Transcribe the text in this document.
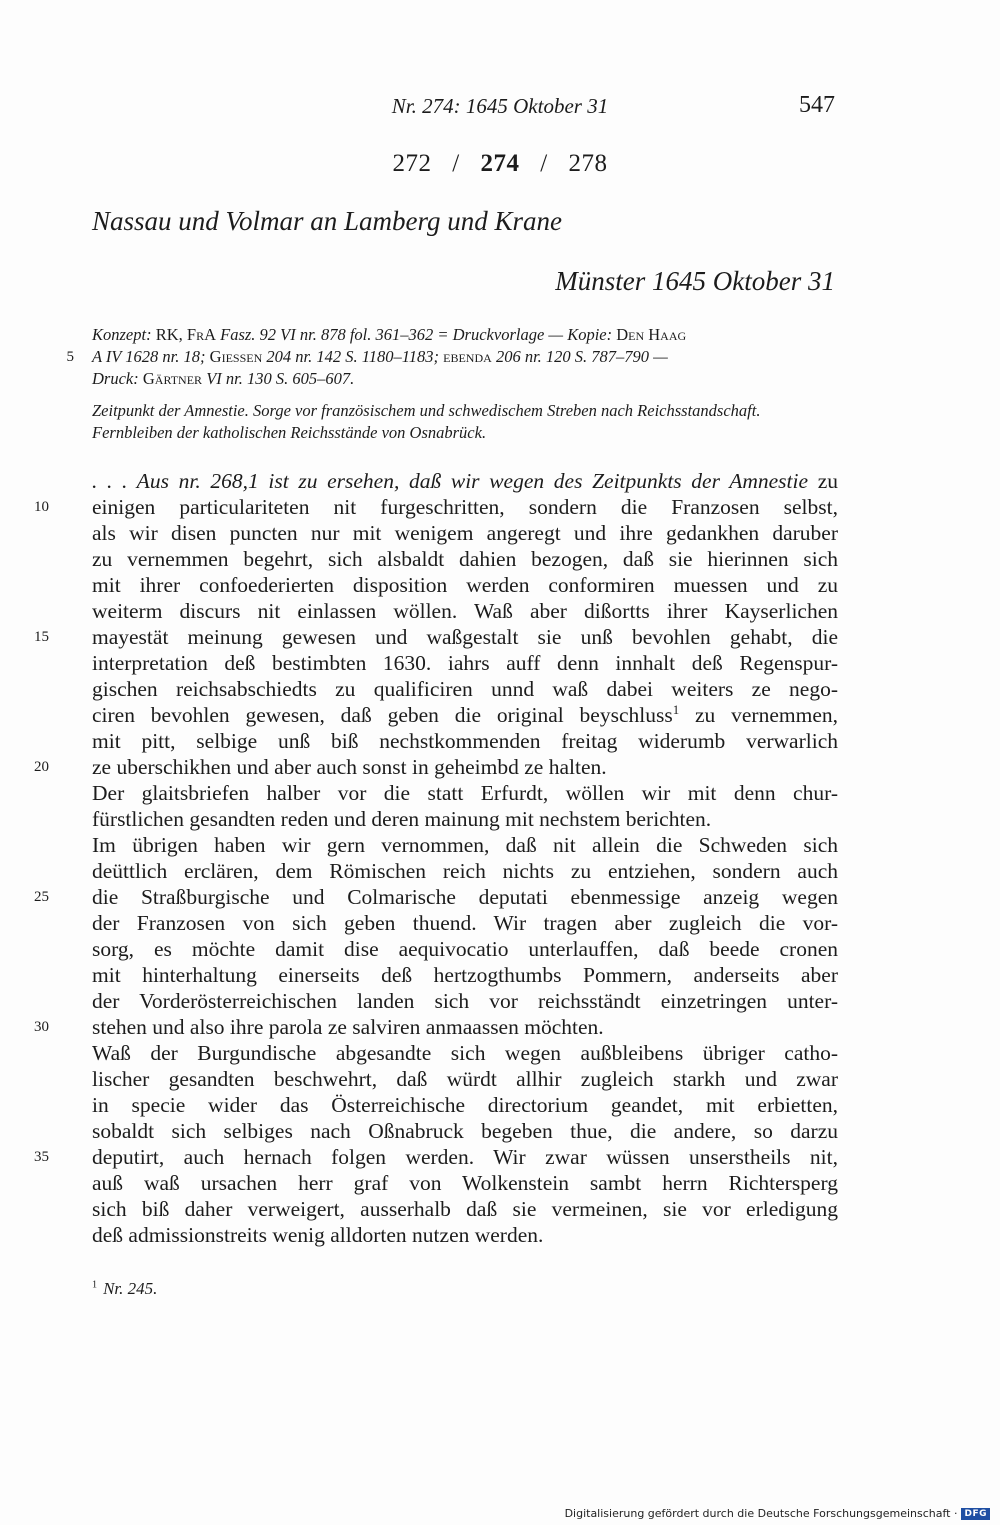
Nr. 274: 1645 Oktober 31	547
272 / 274 / 278
Nassau und Volmar an Lamberg und Krane
Münster 1645 Oktober 31
Konzept: RK, FrA Fasz. 92 VI nr. 878 fol. 361–362 = Druckvorlage — Kopie: Den Haag
5 A IV 1628 nr. 18; Giessen 204 nr. 142 S. 1180–1183; ebenda 206 nr. 120 S. 787–790 —
Druck: Gärtner VI nr. 130 S. 605–607.
Zeitpunkt der Amnestie. Sorge vor französischem und schwedischem Streben nach Reichsstandschaft.
Fernbleiben der katholischen Reichsstände von Osnabrück.
. . . Aus nr. 268,1 ist zu ersehen, daß wir wegen des Zeitpunkts der Amnestie zu
10	einigen particulariteten nit furgeschritten, sondern die Franzosen selbst,
als wir disen puncten nur mit wenigem angeregt und ihre gedankhen daruber
zu vernemmen begehrt, sich alsbaldt dahien bezogen, daß sie hierinnen sich
mit ihrer confoederierten disposition werden conformiren muessen und zu
weiterm discurs nit einlassen wöllen. Waß aber dißortts ihrer Kayserlichen
15	mayestät meinung gewesen und waßgestalt sie unß bevohlen gehabt, die
interpretation deß bestimbten 1630. iahrs auff denn innhalt deß Regenspur-
gischen reichsabschiedts zu qualificiren unnd waß dabei weiters ze nego-
ciren bevohlen gewesen, daß geben die original beyschluss$^1$ zu vernemmen,
mit pitt, selbige unß biß nechstkommenden freitag widerumb verwarlich
20	ze uberschikhen und aber auch sonst in geheimbd ze halten.
Der glaitsbriefen halber vor die statt Erfurdt, wöllen wir mit denn chur-
fürstlichen gesandten reden und deren mainung mit nechstem berichten.
Im übrigen haben wir gern vernommen, daß nit allein die Schweden sich
deüttlich erclären, dem Römischen reich nichts zu entziehen, sondern auch
25	die Straßburgische und Colmarische deputati ebenmessige anzeig wegen
der Franzosen von sich geben thuend. Wir tragen aber zugleich die vor-
sorg, es möchte damit dise aequivocatio unterlauffen, daß beede cronen
mit hinterhaltung einerseits deß hertzogthumbs Pommern, anderseits aber
der Vorderösterreichischen landen sich vor reichsständt einzetringen unter-
30	stehen und also ihre parola ze salviren anmaassen möchten.
Waß der Burgundische abgesandte sich wegen außbleibens übriger catho-
lischer gesandten beschwehrt, daß würdt allhir zugleich starkh und zwar
in specie wider das Österreichische directorium geandet, mit erbietten,
sobaldt sich selbiges nach Oßnabruck begeben thue, die andere, so darzu
35	deputirt, auch hernach folgen werden. Wir zwar wüssen unserstheils nit,
auß waß ursachen herr graf von Wolkenstein sambt herrn Richtersperg
sich biß daher verweigert, ausserhalb daß sie vermeinen, sie vor erledigung
deß admissionstreits wenig alldorten nutzen werden.
$^1$ Nr. 245.
Digitalisierung gefördert durch die Deutsche Forschungsgemeinschaft · DFG
